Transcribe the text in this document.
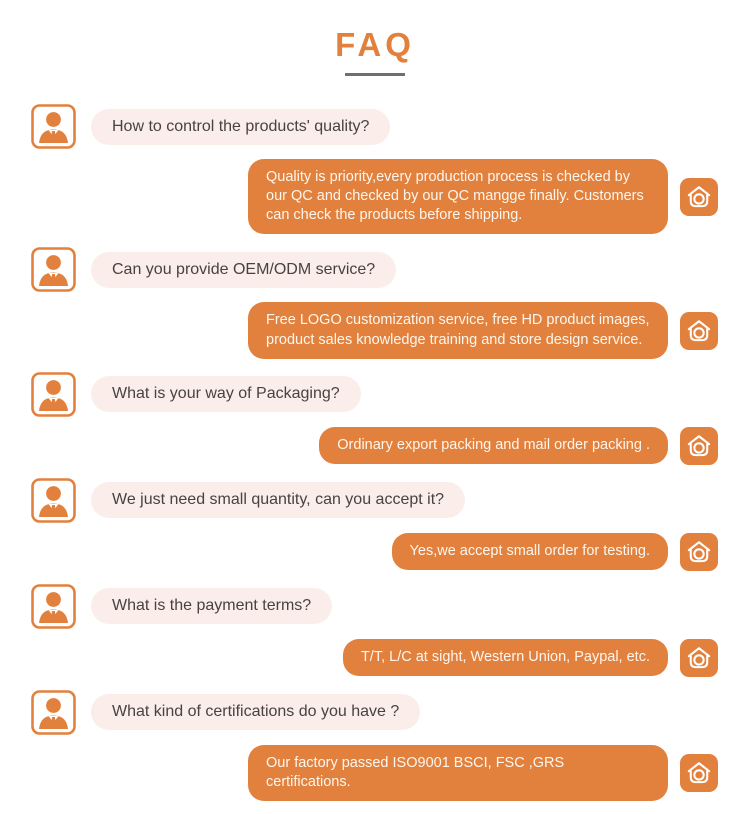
FAQ
How to control the products' quality?
Quality is priority,every production process is checked by our QC and checked by our QC mangge finally. Customers can check the products before shipping.
Can you provide OEM/ODM service?
Free LOGO customization service, free HD product images, product sales knowledge training and store design service.
What is your way of Packaging?
Ordinary export packing and mail order packing .
We just need small quantity, can you accept it?
Yes,we accept small order for testing.
What is the payment terms?
T/T, L/C at sight, Western Union, Paypal, etc.
What kind of certifications do you have ?
Our factory passed ISO9001 BSCI, FSC ,GRS certifications.
